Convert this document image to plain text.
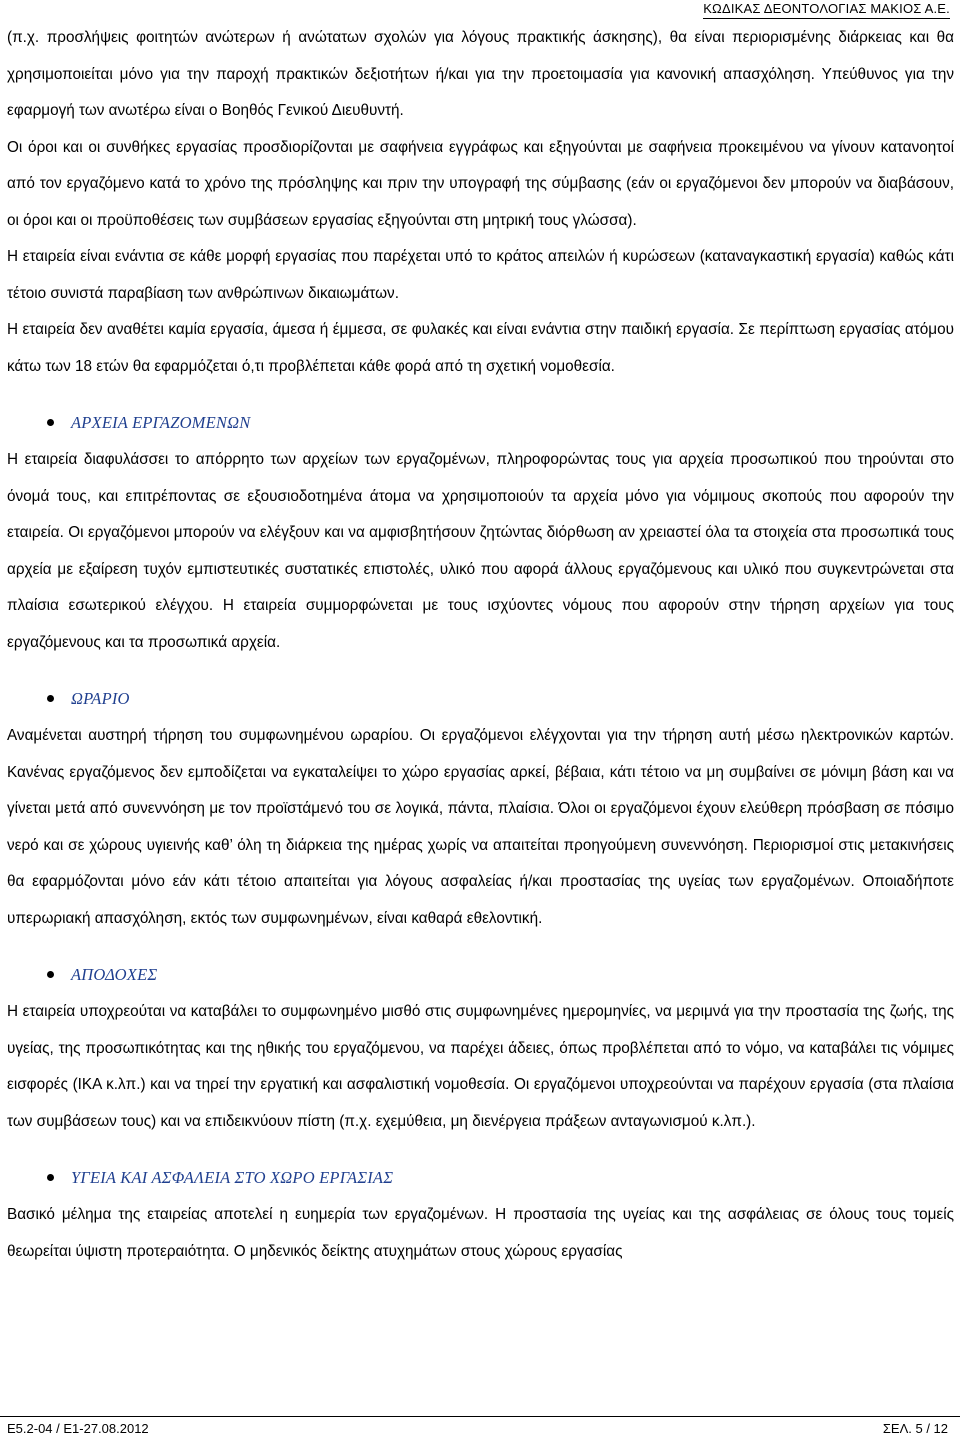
ΚΩΔΙΚΑΣ ΔΕΟΝΤΟΛΟΓΙΑΣ ΜΑΚΙΟΣ Α.Ε.

(π.χ. προσλήψεις φοιτητών ανώτερων ή ανώτατων σχολών για λόγους πρακτικής άσκησης), θα είναι περιορισμένης διάρκειας και θα χρησιμοποιείται μόνο για την παροχή πρακτικών δεξιοτήτων ή/και για την προετοιμασία για κανονική απασχόληση. Υπεύθυνος για την εφαρμογή των ανωτέρω είναι ο Βοηθός Γενικού Διευθυντή.

Οι όροι και οι συνθήκες εργασίας προσδιορίζονται με σαφήνεια εγγράφως και εξηγούνται με σαφήνεια προκειμένου να γίνουν κατανοητοί από τον εργαζόμενο κατά το χρόνο της πρόσληψης και πριν την υπογραφή της σύμβασης (εάν οι εργαζόμενοι δεν μπορούν να διαβάσουν, οι όροι και οι προϋποθέσεις των συμβάσεων εργασίας εξηγούνται στη μητρική τους γλώσσα).

Η εταιρεία είναι ενάντια σε κάθε μορφή εργασίας που παρέχεται υπό το κράτος απειλών ή κυρώσεων (καταναγκαστική εργασία) καθώς κάτι τέτοιο συνιστά παραβίαση των ανθρώπινων δικαιωμάτων.

Η εταιρεία δεν αναθέτει καμία εργασία, άμεσα ή έμμεσα, σε φυλακές και είναι ενάντια στην παιδική εργασία. Σε περίπτωση εργασίας ατόμου κάτω των 18 ετών θα εφαρμόζεται ό,τι προβλέπεται κάθε φορά από τη σχετική νομοθεσία.

ΑΡΧΕΙΑ ΕΡΓΑΖΟΜΕΝΩΝ

Η εταιρεία διαφυλάσσει το απόρρητο των αρχείων των εργαζομένων, πληροφορώντας τους για αρχεία προσωπικού που τηρούνται στο όνομά τους, και επιτρέποντας σε εξουσιοδοτημένα άτομα να χρησιμοποιούν τα αρχεία μόνο για νόμιμους σκοπούς που αφορούν την εταιρεία. Οι εργαζόμενοι μπορούν να ελέγξουν και να αμφισβητήσουν ζητώντας διόρθωση αν χρειαστεί όλα τα στοιχεία στα προσωπικά τους αρχεία με εξαίρεση τυχόν εμπιστευτικές συστατικές επιστολές, υλικό που αφορά άλλους εργαζόμενους και υλικό που συγκεντρώνεται στα πλαίσια εσωτερικού ελέγχου. Η εταιρεία συμμορφώνεται με τους ισχύοντες νόμους που αφορούν στην τήρηση αρχείων για τους εργαζόμενους και τα προσωπικά αρχεία.

ΩΡΑΡΙΟ

Αναμένεται αυστηρή τήρηση του συμφωνημένου ωραρίου. Οι εργαζόμενοι ελέγχονται για την τήρηση αυτή μέσω ηλεκτρονικών καρτών. Κανένας εργαζόμενος δεν εμποδίζεται να εγκαταλείψει το χώρο εργασίας αρκεί, βέβαια, κάτι τέτοιο να μη συμβαίνει σε μόνιμη βάση και να γίνεται μετά από συνεννόηση με τον προϊστάμενό του σε λογικά, πάντα, πλαίσια. Όλοι οι εργαζόμενοι έχουν ελεύθερη πρόσβαση σε πόσιμο νερό και σε χώρους υγιεινής καθ’ όλη τη διάρκεια της ημέρας χωρίς να απαιτείται προηγούμενη συνεννόηση. Περιορισμοί στις μετακινήσεις θα εφαρμόζονται μόνο εάν κάτι τέτοιο απαιτείται για λόγους ασφαλείας ή/και προστασίας της υγείας των εργαζομένων. Οποιαδήποτε υπερωριακή απασχόληση, εκτός των συμφωνημένων, είναι καθαρά εθελοντική.

ΑΠΟΔΟΧΕΣ

Η εταιρεία υποχρεούται να καταβάλει το συμφωνημένο μισθό στις συμφωνημένες ημερομηνίες, να μεριμνά για την προστασία της ζωής, της υγείας, της προσωπικότητας και της ηθικής του εργαζόμενου, να παρέχει άδειες, όπως προβλέπεται από το νόμο, να καταβάλει τις νόμιμες εισφορές (ΙΚΑ κ.λπ.) και να τηρεί την εργατική και ασφαλιστική νομοθεσία. Οι εργαζόμενοι υποχρεούνται να παρέχουν εργασία (στα πλαίσια των συμβάσεων τους) και να επιδεικνύουν πίστη (π.χ. εχεμύθεια, μη διενέργεια πράξεων ανταγωνισμού κ.λπ.).

ΥΓΕΙΑ ΚΑΙ ΑΣΦΑΛΕΙΑ ΣΤΟ ΧΩΡΟ ΕΡΓΑΣΙΑΣ

Βασικό μέλημα της εταιρείας αποτελεί η ευημερία των εργαζομένων. Η προστασία της υγείας και της ασφάλειας σε όλους τους τομείς θεωρείται ύψιστη προτεραιότητα. Ο μηδενικός δείκτης ατυχημάτων στους χώρους εργασίας

Ε5.2-04 / Ε1-27.08.2012	ΣΕΛ. 5 / 12
